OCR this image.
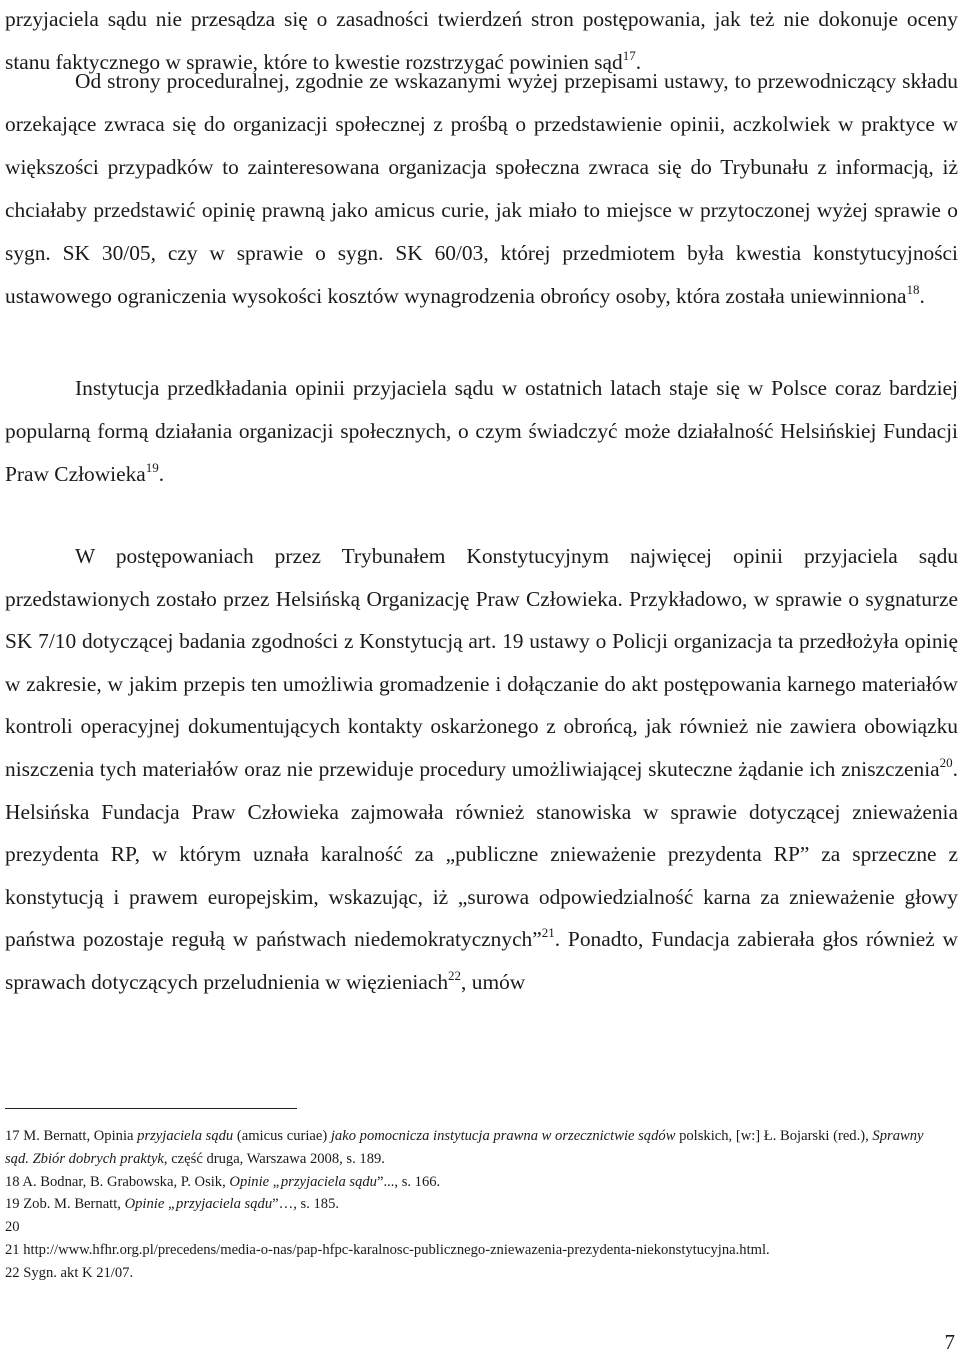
przyjaciela sądu nie przesądza się o zasadności twierdzeń stron postępowania, jak też nie dokonuje oceny stanu faktycznego w sprawie, które to kwestie rozstrzygać powinien sąd$^{17}$.

Od strony proceduralnej, zgodnie ze wskazanymi wyżej przepisami ustawy, to przewodniczący składu orzekające zwraca się do organizacji społecznej z prośbą o przedstawienie opinii, aczkolwiek w praktyce w większości przypadków to zainteresowana organizacja społeczna zwraca się do Trybunału z informacją, iż chciałaby przedstawić opinię prawną jako amicus curie, jak miało to miejsce w przytoczonej wyżej sprawie o sygn. SK 30/05, czy w sprawie o sygn. SK 60/03, której przedmiotem była kwestia konstytucyjności ustawowego ograniczenia wysokości kosztów wynagrodzenia obrońcy osoby, która została uniewinniona$^{18}$.

Instytucja przedkładania opinii przyjaciela sądu w ostatnich latach staje się w Polsce coraz bardziej popularną formą działania organizacji społecznych, o czym świadczyć może działalność Helsińskiej Fundacji Praw Człowieka$^{19}$.

W postępowaniach przez Trybunałem Konstytucyjnym najwięcej opinii przyjaciela sądu przedstawionych zostało przez Helsińską Organizację Praw Człowieka. Przykładowo, w sprawie o sygnaturze SK 7/10 dotyczącej badania zgodności z Konstytucją art. 19 ustawy o Policji organizacja ta przedłożyła opinię w zakresie, w jakim przepis ten umożliwia gromadzenie i dołączanie do akt postępowania karnego materiałów kontroli operacyjnej dokumentujących kontakty oskarżonego z obrońcą, jak również nie zawiera obowiązku niszczenia tych materiałów oraz nie przewiduje procedury umożliwiającej skuteczne żądanie ich zniszczenia$^{20}$. Helsińska Fundacja Praw Człowieka zajmowała również stanowiska w sprawie dotyczącej znieważenia prezydenta RP, w którym uznała karalność za „publiczne znieważenie prezydenta RP” za sprzeczne z konstytucją i prawem europejskim, wskazując, iż „surowa odpowiedzialność karna za znieważenie głowy państwa pozostaje regułą w państwach niedemokratycznych”$^{21}$. Ponadto, Fundacja zabierała głos również w sprawach dotyczących przeludnienia w więzieniach$^{22}$, umów

17 M. Bernatt, Opinia przyjaciela sądu (amicus curiae) jako pomocnicza instytucja prawna w orzecznictwie sądów polskich, [w:] Ł. Bojarski (red.), Sprawny sąd. Zbiór dobrych praktyk, część druga, Warszawa 2008, s. 189.

18 A. Bodnar, B. Grabowska, P. Osik, Opinie „przyjaciela sądu”..., s. 166.

19 Zob. M. Bernatt, Opinie „przyjaciela sądu”…, s. 185.

20

21 http://www.hfhr.org.pl/precedens/media-o-nas/pap-hfpc-karalnosc-publicznego-zniewazenia-prezydenta-niekonstytucyjna.html.

22 Sygn. akt K 21/07.

7
